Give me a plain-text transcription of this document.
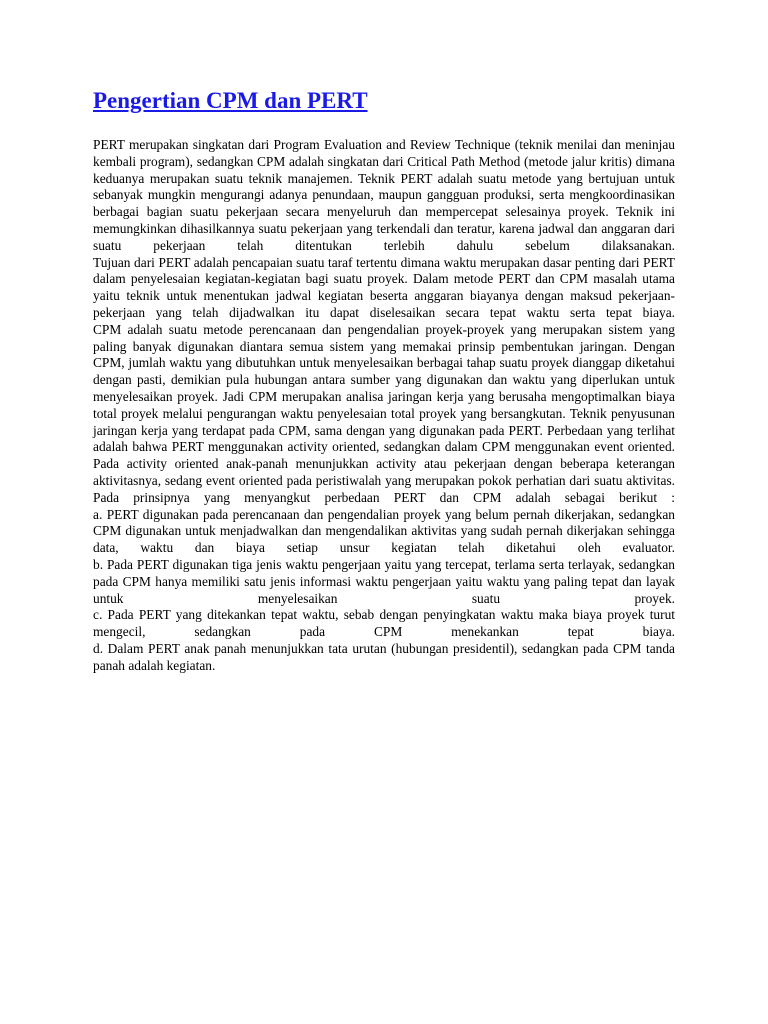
Pengertian CPM dan PERT

PERT merupakan singkatan dari Program Evaluation and Review Technique (teknik menilai dan meninjau kembali program), sedangkan CPM adalah singkatan dari Critical Path Method (metode jalur kritis) dimana keduanya merupakan suatu teknik manajemen. Teknik PERT adalah suatu metode yang bertujuan untuk sebanyak mungkin mengurangi adanya penundaan, maupun gangguan produksi, serta mengkoordinasikan berbagai bagian suatu pekerjaan secara menyeluruh dan mempercepat selesainya proyek. Teknik ini memungkinkan dihasilkannya suatu pekerjaan yang terkendali dan teratur, karena jadwal dan anggaran dari suatu pekerjaan telah ditentukan terlebih dahulu sebelum dilaksanakan.

Tujuan dari PERT adalah pencapaian suatu taraf tertentu dimana waktu merupakan dasar penting dari PERT dalam penyelesaian kegiatan-kegiatan bagi suatu proyek. Dalam metode PERT dan CPM masalah utama yaitu teknik untuk menentukan jadwal kegiatan beserta anggaran biayanya dengan maksud pekerjaan-pekerjaan yang telah dijadwalkan itu dapat diselesaikan secara tepat waktu serta tepat biaya.

CPM adalah suatu metode perencanaan dan pengendalian proyek-proyek yang merupakan sistem yang paling banyak digunakan diantara semua sistem yang memakai prinsip pembentukan jaringan. Dengan CPM, jumlah waktu yang dibutuhkan untuk menyelesaikan berbagai tahap suatu proyek dianggap diketahui dengan pasti, demikian pula hubungan antara sumber yang digunakan dan waktu yang diperlukan untuk menyelesaikan proyek. Jadi CPM merupakan analisa jaringan kerja yang berusaha mengoptimalkan biaya total proyek melalui pengurangan waktu penyelesaian total proyek yang bersangkutan. Teknik penyusunan jaringan kerja yang terdapat pada CPM, sama dengan yang digunakan pada PERT. Perbedaan yang terlihat adalah bahwa PERT menggunakan activity oriented, sedangkan dalam CPM menggunakan event oriented. Pada activity oriented anak-panah menunjukkan activity atau pekerjaan dengan beberapa keterangan aktivitasnya, sedang event oriented pada peristiwalah yang merupakan pokok perhatian dari suatu aktivitas.

Pada prinsipnya yang menyangkut perbedaan PERT dan CPM adalah sebagai berikut :

a. PERT digunakan pada perencanaan dan pengendalian proyek yang belum pernah dikerjakan, sedangkan CPM digunakan untuk menjadwalkan dan mengendalikan aktivitas yang sudah pernah dikerjakan sehingga data, waktu dan biaya setiap unsur kegiatan telah diketahui oleh evaluator.

b. Pada PERT digunakan tiga jenis waktu pengerjaan yaitu yang tercepat, terlama serta terlayak, sedangkan pada CPM hanya memiliki satu jenis informasi waktu pengerjaan yaitu waktu yang paling tepat dan layak untuk menyelesaikan suatu proyek.

c. Pada PERT yang ditekankan tepat waktu, sebab dengan penyingkatan waktu maka biaya proyek turut mengecil, sedangkan pada CPM menekankan tepat biaya.

d. Dalam PERT anak panah menunjukkan tata urutan (hubungan presidentil), sedangkan pada CPM tanda panah adalah kegiatan.
